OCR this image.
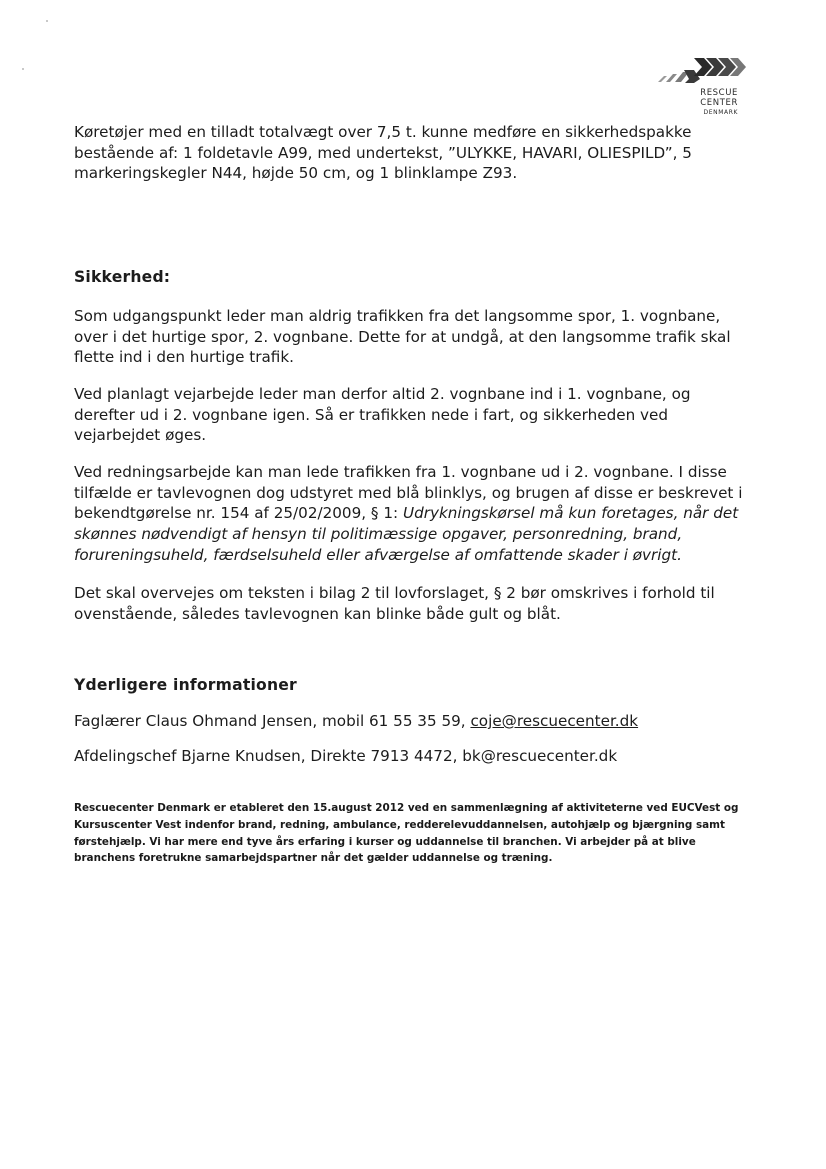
RESCUE
CENTER
DENMARK

Køretøjer med en tilladt totalvægt over 7,5 t. kunne medføre en sikkerhedspakke bestående af: 1 foldetavle A99, med undertekst, ”ULYKKE, HAVARI, OLIESPILD”, 5 markeringskegler N44, højde 50 cm, og 1 blinklampe Z93.

Sikkerhed:

Som udgangspunkt leder man aldrig trafikken fra det langsomme spor, 1. vognbane, over i det hurtige spor, 2. vognbane. Dette for at undgå, at den langsomme trafik skal flette ind i den hurtige trafik.

Ved planlagt vejarbejde leder man derfor altid 2. vognbane ind i 1. vognbane, og derefter ud i 2. vognbane igen. Så er trafikken nede i fart, og sikkerheden ved vejarbejdet øges.

Ved redningsarbejde kan man lede trafikken fra 1. vognbane ud i 2. vognbane. I disse tilfælde er tavlevognen dog udstyret med blå blinklys, og brugen af disse er beskrevet i bekendtgørelse nr. 154 af 25/02/2009, § 1: Udrykningskørsel må kun foretages, når det skønnes nødvendigt af hensyn til politimæssige opgaver, personredning, brand, forureningsuheld, færdselsuheld eller afværgelse af omfattende skader i øvrigt.

Det skal overvejes om teksten i bilag 2 til lovforslaget, § 2 bør omskrives i forhold til ovenstående, således tavlevognen kan blinke både gult og blåt.

Yderligere informationer

Faglærer Claus Ohmand Jensen, mobil 61 55 35 59, coje@rescuecenter.dk

Afdelingschef Bjarne Knudsen, Direkte 7913 4472, bk@rescuecenter.dk

Rescuecenter Denmark er etableret den 15.august 2012 ved en sammenlægning af aktiviteterne ved EUCVest og Kursuscenter Vest indenfor brand, redning, ambulance, redderelevuddannelsen, autohjælp og bjærgning samt førstehjælp. Vi har mere end tyve års erfaring i kurser og uddannelse til branchen. Vi arbejder på at blive branchens foretrukne samarbejdspartner når det gælder uddannelse og træning.
